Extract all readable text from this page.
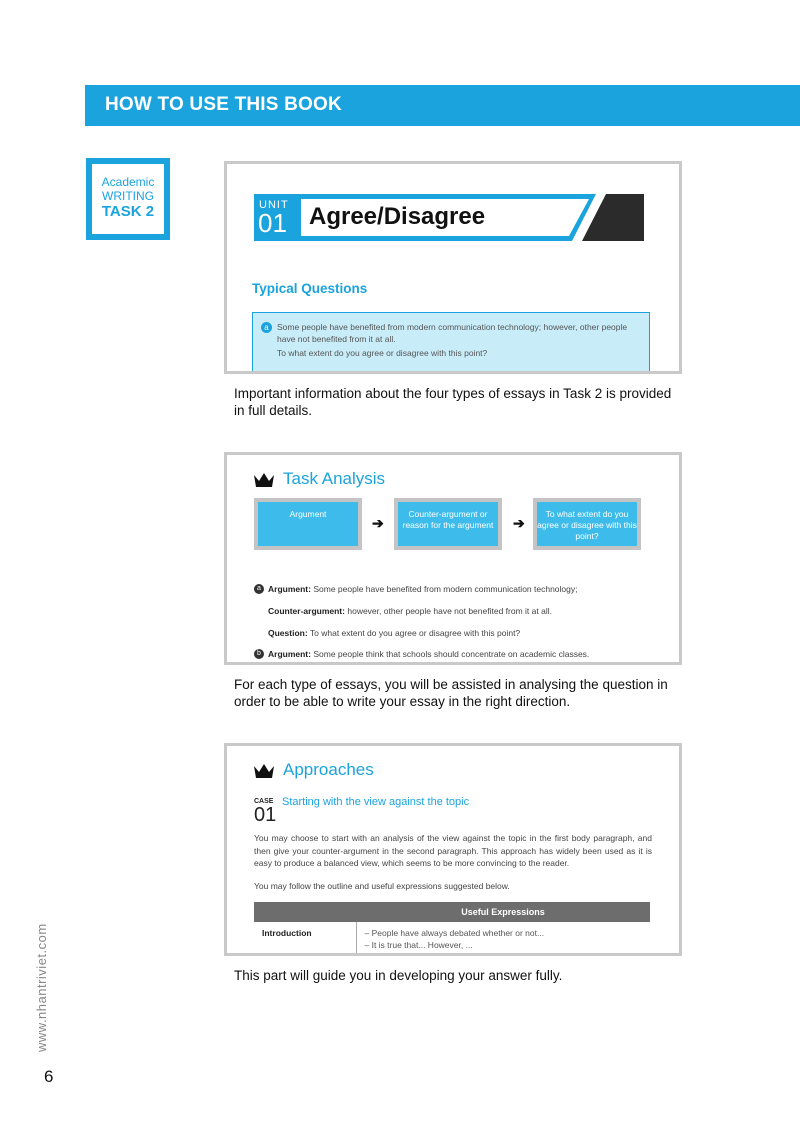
HOW TO USE THIS BOOK
Academic
WRITING
TASK 2	UNIT
01 Agree/Disagree
Typical Questions
a Some people have benefited from modern communication technology; however, other people have not benefited from it at all.
To what extent do you agree or disagree with this point?
Important information about the four types of essays in Task 2 is provided in full details.
Task Analysis
Argument
➔
Counter-argument or reason for the argument	➔
To what extent do you agree or disagree with this point?
a Argument: Some people have benefited from modern communication technology;
Counter-argument: however, other people have not benefited from it at all.
Question: To what extent do you agree or disagree with this point?
b Argument: Some people think that schools should concentrate on academic classes.
For each type of essays, you will be assisted in analysing the question in order to be able to write your essay in the right direction.
Approaches
CASE
01
Starting with the view against the topic
You may choose to start with an analysis of the view against the topic in the first body paragraph, and then give your counter-argument in the second paragraph. This approach has widely been used as it is easy to produce a balanced view, which seems to be more convincing to the reader.
You may follow the outline and useful expressions suggested below.
	Useful Expressions
Introduction	– People have always debated whether or not...
– It is true that... However, ...
This part will guide you in developing your answer fully.
www.nhantriviet.com
6
